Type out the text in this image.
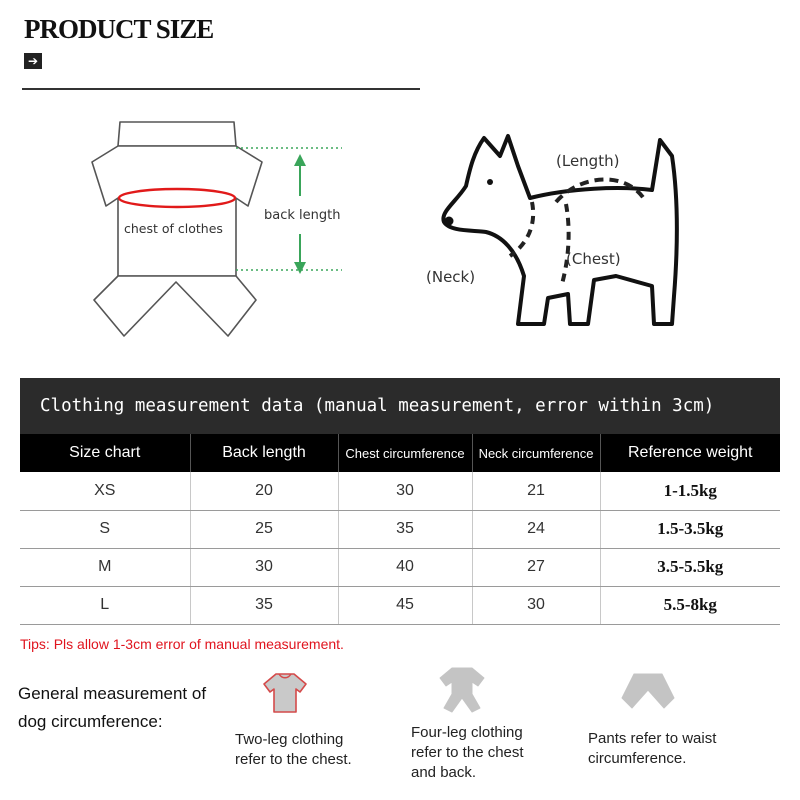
PRODUCT SIZE
➔
chest of clothes
back length
(Length)
(Chest)
(Neck)
Clothing measurement data (manual measurement, error within 3cm)
Size chart	Back length	Chest circumference	Neck circumference	Reference weight
XS	20	30	21	1-1.5kg
S	25	35	24	1.5-3.5kg
M	30	40	27	3.5-5.5kg
L	35	45	30	5.5-8kg
Tips: Pls allow 1-3cm error of manual measurement.
General measurement of
dog circumference:
Two-leg clothing
refer to the chest.
Four-leg clothing
refer to the chest
and back.
Pants refer to waist
circumference.
